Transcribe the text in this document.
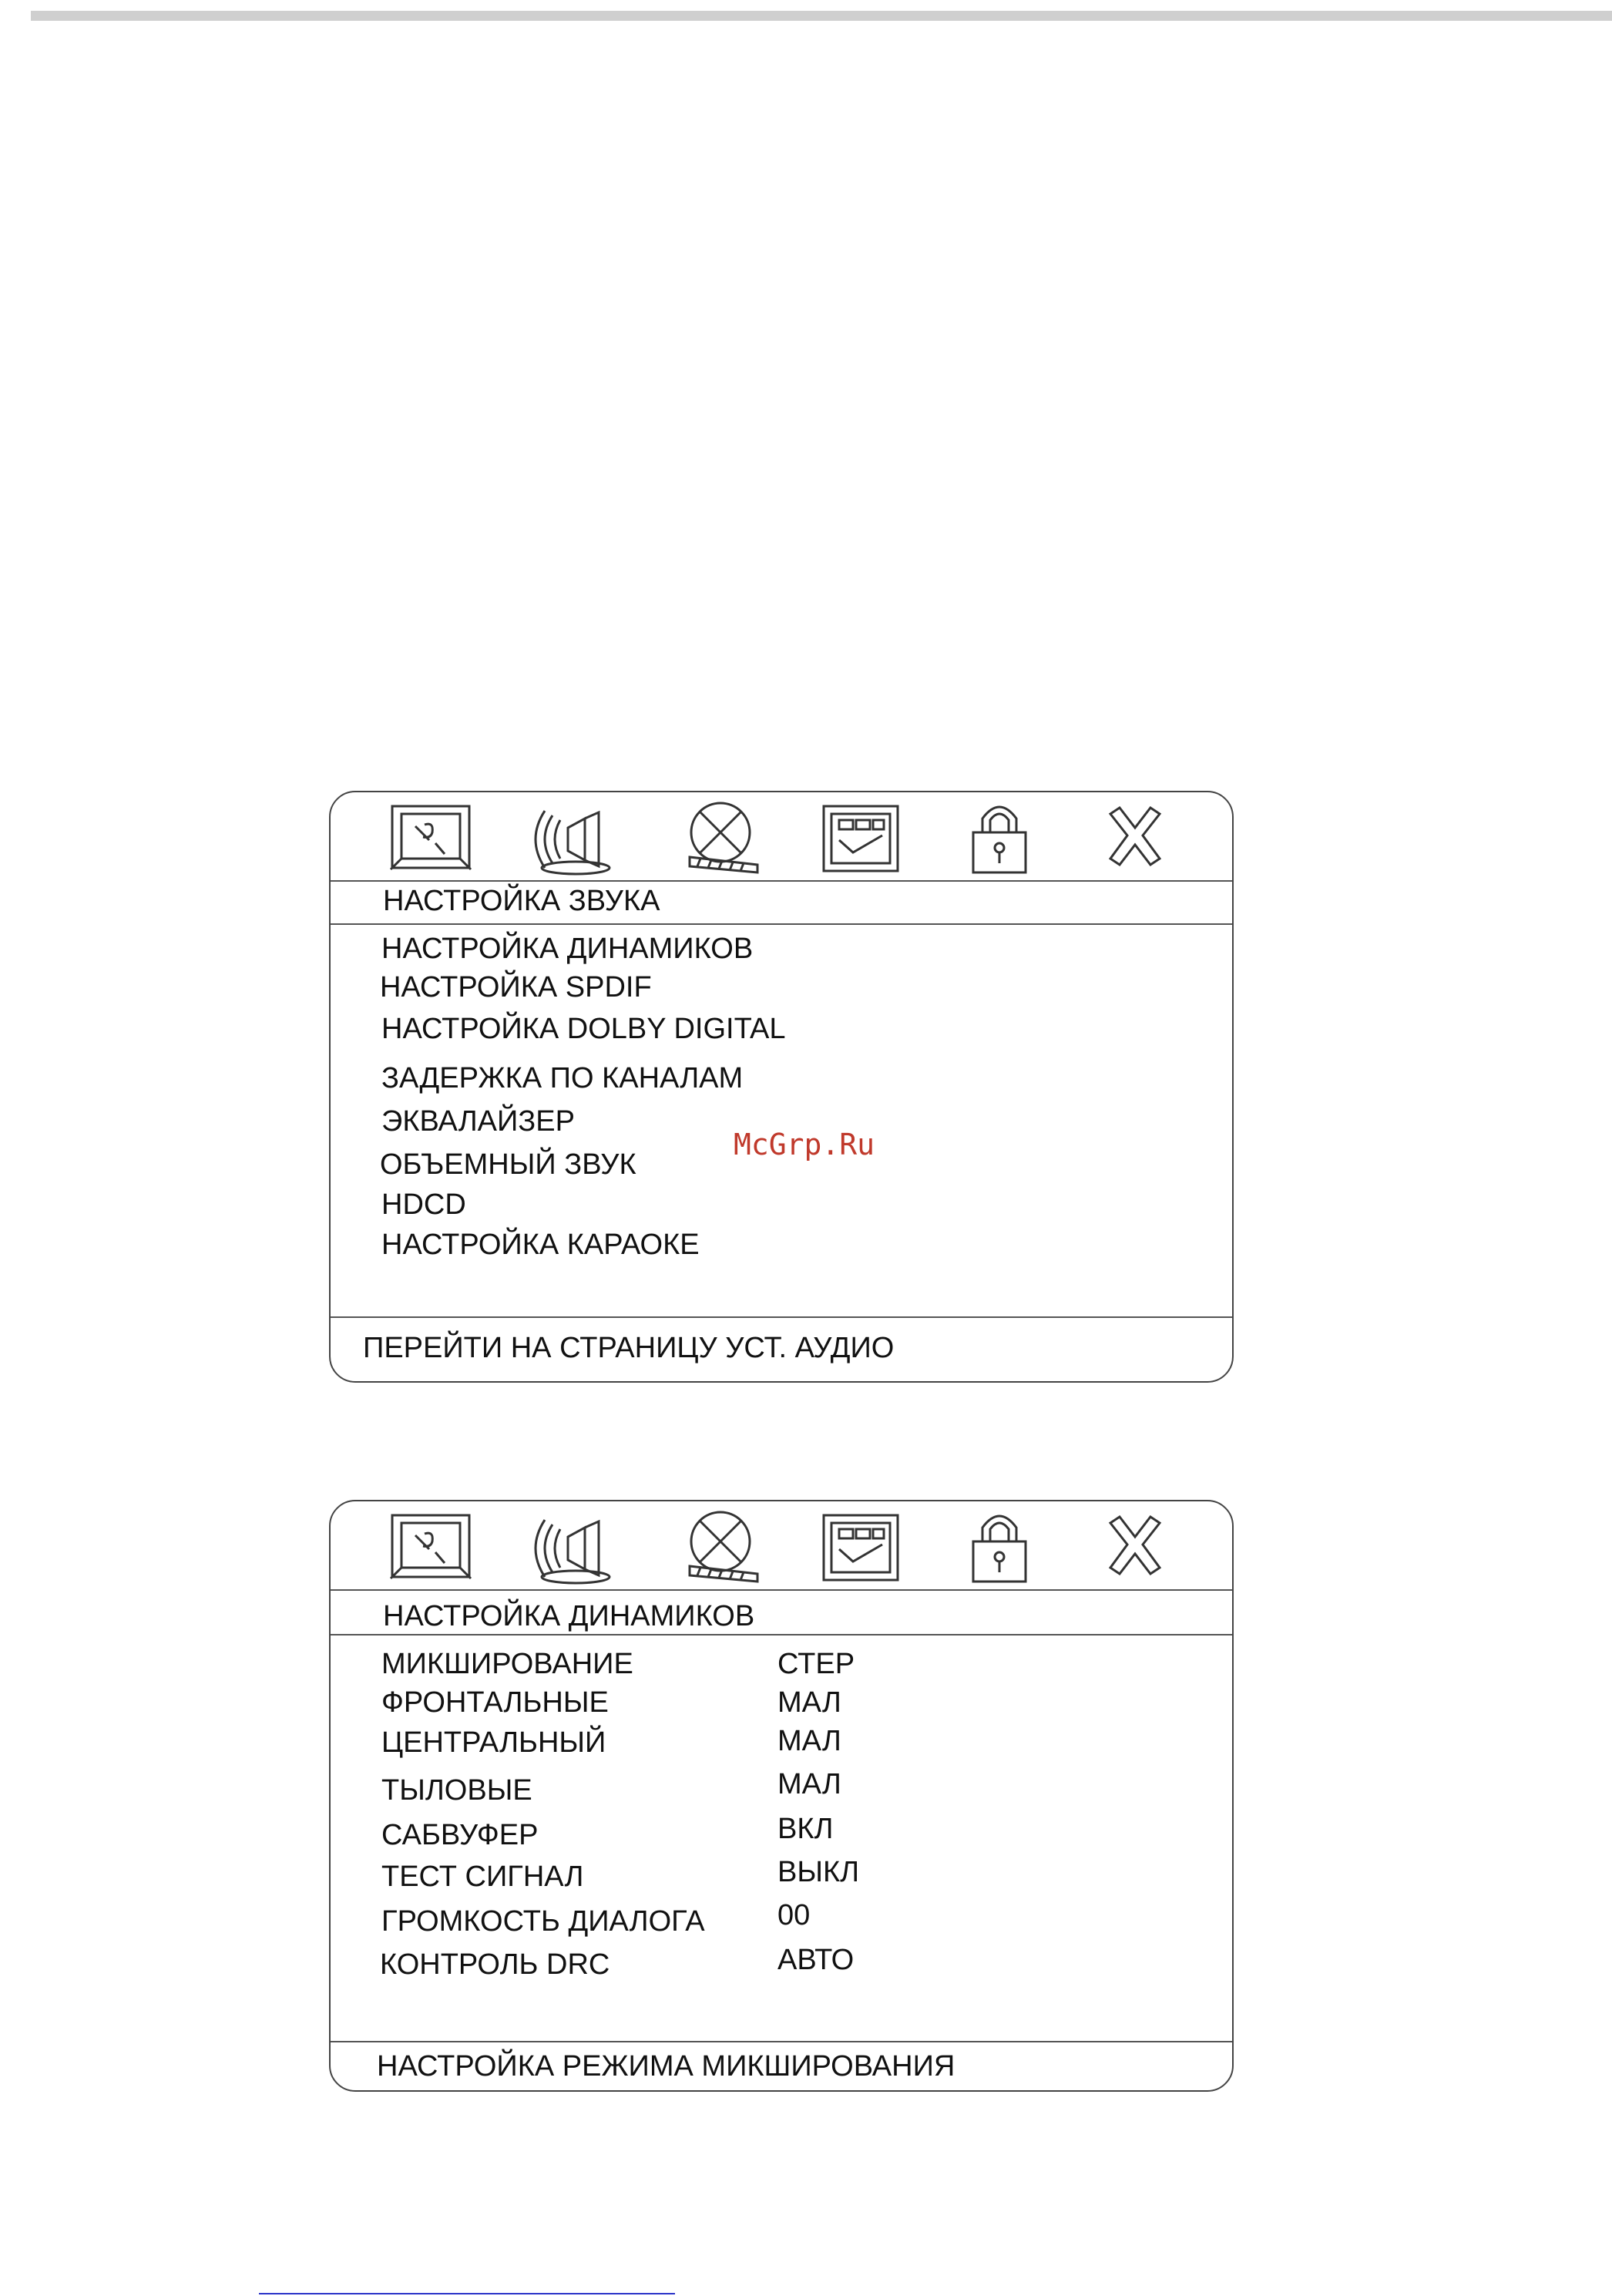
НАСТРОЙКА ЗВУКА
НАСТРОЙКА ДИНАМИКОВ
НАСТРОЙКА SPDIF
НАСТРОЙКА DOLBY DIGITAL
ЗАДЕРЖКА ПО КАНАЛАМ
ЭКВАЛАЙЗЕР
ОБЪЕМНЫЙ ЗВУК
HDCD
НАСТРОЙКА КАРАОКЕ
ПЕРЕЙТИ НА СТРАНИЦУ УСТ. АУДИО
McGrp.Ru
НАСТРОЙКА ДИНАМИКОВ
МИКШИРОВАНИЕ	СТЕР
ФРОНТАЛЬНЫЕ	МАЛ
ЦЕНТРАЛЬНЫЙ	МАЛ
ТЫЛОВЫЕ	МАЛ
САБВУФЕР	ВКЛ
ТЕСТ СИГНАЛ	ВЫКЛ
ГРОМКОСТЬ ДИАЛОГА 00
КОНТРОЛЬ DRC	АВТО
НАСТРОЙКА РЕЖИМА МИКШИРОВАНИЯ
